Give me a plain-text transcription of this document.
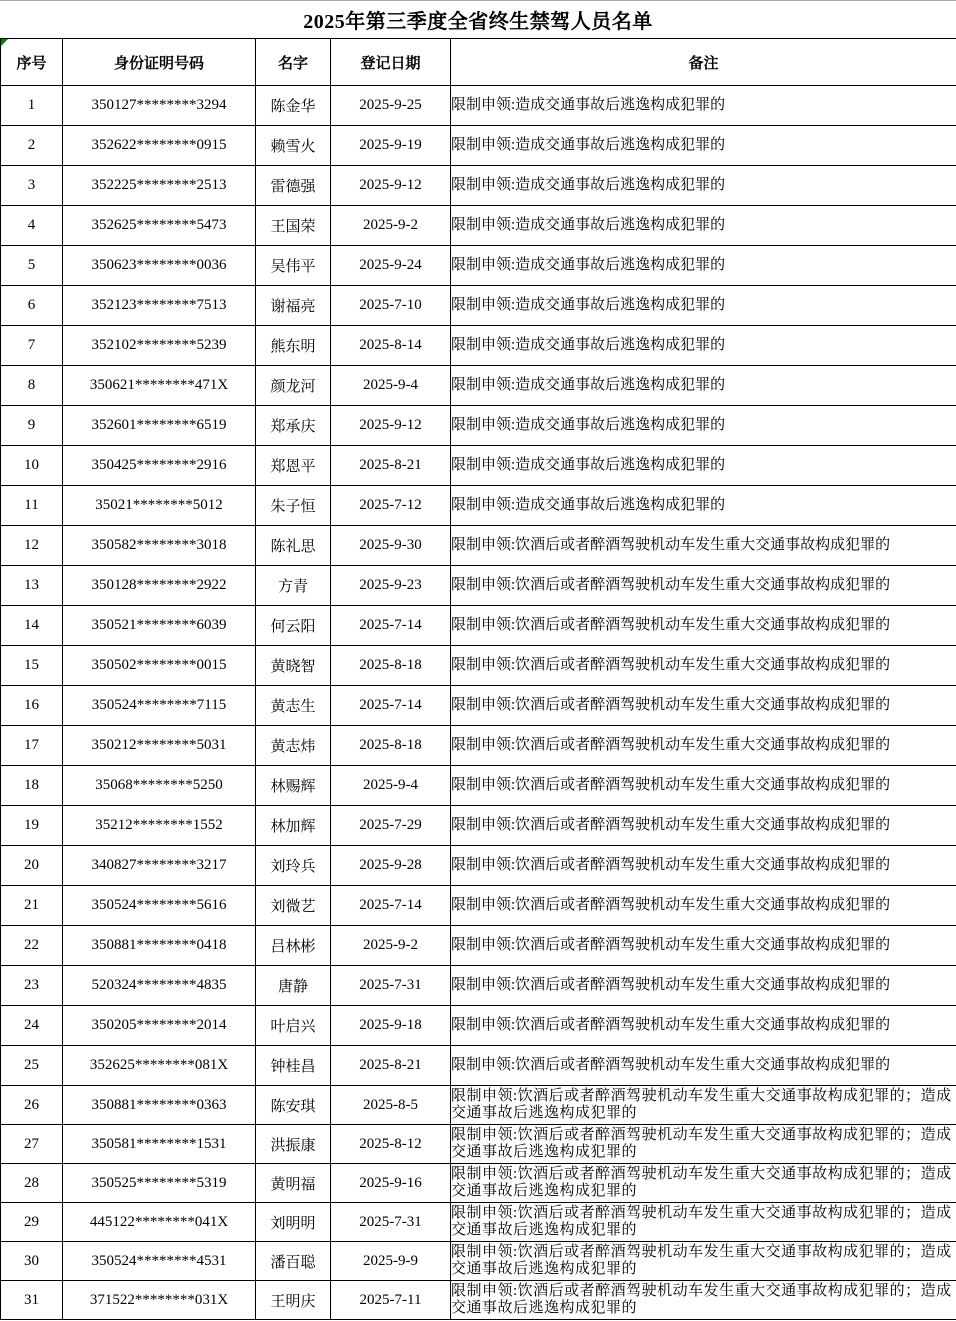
2025年第三季度全省终生禁驾人员名单
序号	身份证明号码	名字	登记日期	备注
1	350127********3294	陈金华	2025-9-25	限制申领:造成交通事故后逃逸构成犯罪的
2	352622********0915	赖雪火	2025-9-19	限制申领:造成交通事故后逃逸构成犯罪的
3	352225********2513	雷德强	2025-9-12	限制申领:造成交通事故后逃逸构成犯罪的
4	352625********5473	王国荣	2025-9-2	限制申领:造成交通事故后逃逸构成犯罪的
5	350623********0036	吴伟平	2025-9-24	限制申领:造成交通事故后逃逸构成犯罪的
6	352123********7513	谢福亮	2025-7-10	限制申领:造成交通事故后逃逸构成犯罪的
7	352102********5239	熊东明	2025-8-14	限制申领:造成交通事故后逃逸构成犯罪的
8	350621********471X	颜龙河	2025-9-4	限制申领:造成交通事故后逃逸构成犯罪的
9	352601********6519	郑承庆	2025-9-12	限制申领:造成交通事故后逃逸构成犯罪的
10	350425********2916	郑恩平	2025-8-21	限制申领:造成交通事故后逃逸构成犯罪的
11	35021********5012	朱子恒	2025-7-12	限制申领:造成交通事故后逃逸构成犯罪的
12	350582********3018	陈礼思	2025-9-30	限制申领:饮酒后或者醉酒驾驶机动车发生重大交通事故构成犯罪的
13	350128********2922	方青	2025-9-23	限制申领:饮酒后或者醉酒驾驶机动车发生重大交通事故构成犯罪的
14	350521********6039	何云阳	2025-7-14	限制申领:饮酒后或者醉酒驾驶机动车发生重大交通事故构成犯罪的
15	350502********0015	黄晓智	2025-8-18	限制申领:饮酒后或者醉酒驾驶机动车发生重大交通事故构成犯罪的
16	350524********7115	黄志生	2025-7-14	限制申领:饮酒后或者醉酒驾驶机动车发生重大交通事故构成犯罪的
17	350212********5031	黄志炜	2025-8-18	限制申领:饮酒后或者醉酒驾驶机动车发生重大交通事故构成犯罪的
18	35068********5250	林赐辉	2025-9-4	限制申领:饮酒后或者醉酒驾驶机动车发生重大交通事故构成犯罪的
19	35212********1552	林加辉	2025-7-29	限制申领:饮酒后或者醉酒驾驶机动车发生重大交通事故构成犯罪的
20	340827********3217	刘玲兵	2025-9-28	限制申领:饮酒后或者醉酒驾驶机动车发生重大交通事故构成犯罪的
21	350524********5616	刘微艺	2025-7-14	限制申领:饮酒后或者醉酒驾驶机动车发生重大交通事故构成犯罪的
22	350881********0418	吕林彬	2025-9-2	限制申领:饮酒后或者醉酒驾驶机动车发生重大交通事故构成犯罪的
23	520324********4835	唐静	2025-7-31	限制申领:饮酒后或者醉酒驾驶机动车发生重大交通事故构成犯罪的
24	350205********2014	叶启兴	2025-9-18	限制申领:饮酒后或者醉酒驾驶机动车发生重大交通事故构成犯罪的
25	352625********081X	钟桂昌	2025-8-21	限制申领:饮酒后或者醉酒驾驶机动车发生重大交通事故构成犯罪的
26	350881********0363	陈安琪	2025-8-5	限制申领:饮酒后或者醉酒驾驶机动车发生重大交通事故构成犯罪的；造成交通事故后逃逸构成犯罪的
27	350581********1531	洪振康	2025-8-12	限制申领:饮酒后或者醉酒驾驶机动车发生重大交通事故构成犯罪的；造成交通事故后逃逸构成犯罪的
28	350525********5319	黄明福	2025-9-16	限制申领:饮酒后或者醉酒驾驶机动车发生重大交通事故构成犯罪的；造成交通事故后逃逸构成犯罪的
29	445122********041X	刘明明	2025-7-31	限制申领:饮酒后或者醉酒驾驶机动车发生重大交通事故构成犯罪的；造成交通事故后逃逸构成犯罪的
30	350524********4531	潘百聪	2025-9-9	限制申领:饮酒后或者醉酒驾驶机动车发生重大交通事故构成犯罪的；造成交通事故后逃逸构成犯罪的
31	371522********031X	王明庆	2025-7-11	限制申领:饮酒后或者醉酒驾驶机动车发生重大交通事故构成犯罪的；造成交通事故后逃逸构成犯罪的
